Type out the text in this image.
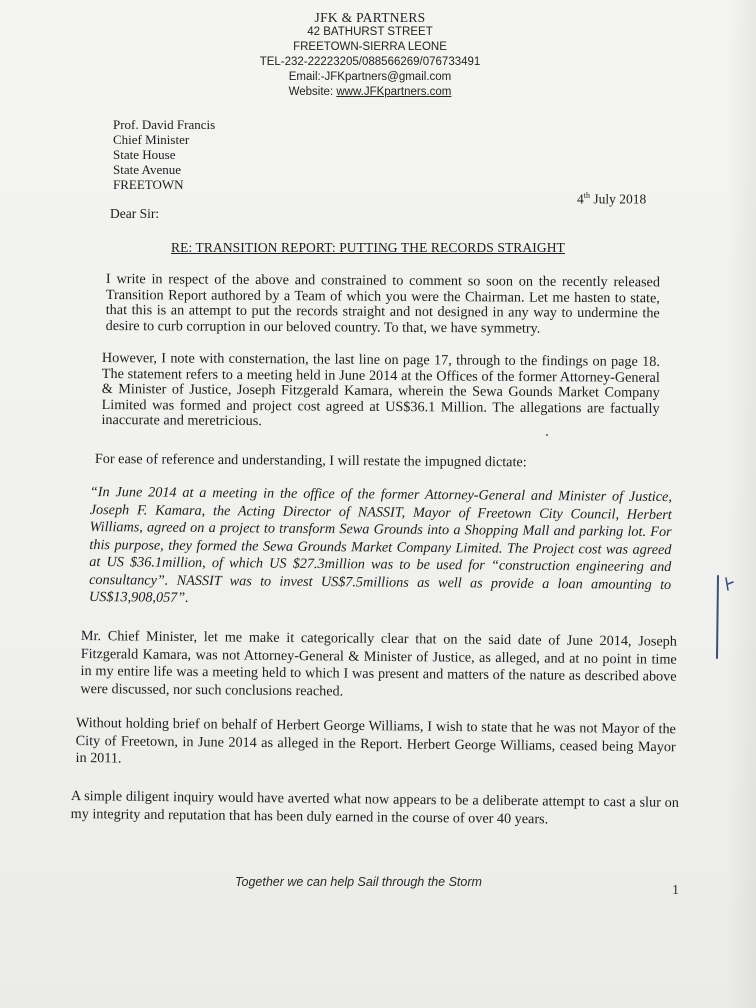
JFK & PARTNERS
42 BATHURST STREET
FREETOWN-SIERRA LEONE
TEL-232-22223205/088566269/076733491
Email:-JFKpartners@gmail.com
Website: www.JFKpartners.com
Prof. David Francis
Chief Minister
State House
State Avenue
FREETOWN
4th July 2018
Dear Sir:
RE: TRANSITION REPORT: PUTTING THE RECORDS STRAIGHT

I write in respect of the above and constrained to comment so soon on the recently released Transition Report authored by a Team of which you were the Chairman. Let me hasten to state, that this is an attempt to put the records straight and not designed in any way to undermine the desire to curb corruption in our beloved country. To that, we have symmetry.

However, I note with consternation, the last line on page 17, through to the findings on page 18. The statement refers to a meeting held in June 2014 at the Offices of the former Attorney-General & Minister of Justice, Joseph Fitzgerald Kamara, wherein the Sewa Gounds Market Company Limited was formed and project cost agreed at US$36.1 Million. The allegations are factually inaccurate and meretricious.

For ease of reference and understanding, I will restate the impugned dictate:

“In June 2014 at a meeting in the office of the former Attorney-General and Minister of Justice, Joseph F. Kamara, the Acting Director of NASSIT, Mayor of Freetown City Council, Herbert Williams, agreed on a project to transform Sewa Grounds into a Shopping Mall and parking lot. For this purpose, they formed the Sewa Grounds Market Company Limited. The Project cost was agreed at US $36.1million, of which US $27.3million was to be used for “construction engineering and consultancy”. NASSIT was to invest US$7.5millions as well as provide a loan amounting to US$13,908,057”.

Mr. Chief Minister, let me make it categorically clear that on the said date of June 2014, Joseph Fitzgerald Kamara, was not Attorney-General & Minister of Justice, as alleged, and at no point in time in my entire life was a meeting held to which I was present and matters of the nature as described above were discussed, nor such conclusions reached.

Without holding brief on behalf of Herbert George Williams, I wish to state that he was not Mayor of the City of Freetown, in June 2014 as alleged in the Report. Herbert George Williams, ceased being Mayor in 2011.

A simple diligent inquiry would have averted what now appears to be a deliberate attempt to cast a slur on my integrity and reputation that has been duly earned in the course of over 40 years.

Together we can help Sail through the Storm
1
